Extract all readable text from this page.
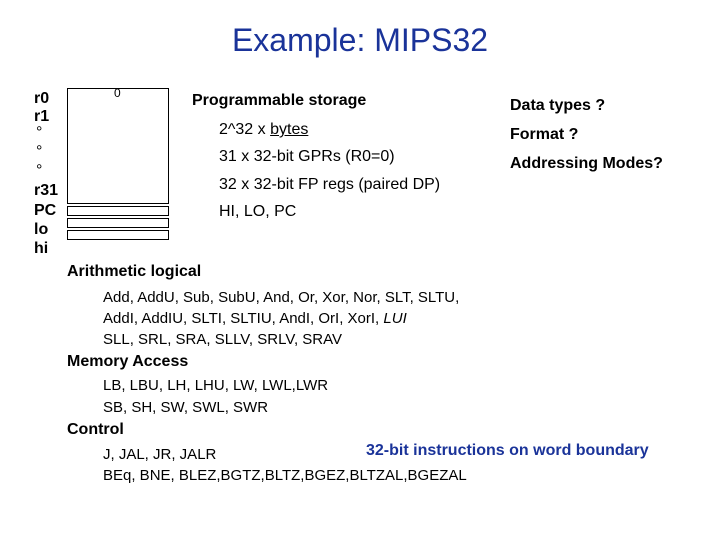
Example: MIPS32
r0
r1
°
°
°
r31
PC
lo
hi
0	Programmable storage
2^32 x bytes
31 x 32-bit GPRs (R0=0)
32 x 32-bit FP regs (paired DP)
HI, LO, PC
Data types ?
Format ?
Addressing Modes?
Arithmetic logical
Add, AddU, Sub, SubU, And, Or, Xor, Nor, SLT, SLTU,
AddI, AddIU, SLTI, SLTIU, AndI, OrI, XorI, LUI
SLL, SRL, SRA, SLLV, SRLV, SRAV
Memory Access
LB, LBU, LH, LHU, LW, LWL,LWR
SB, SH, SW, SWL, SWR
Control
J, JAL, JR, JALR
BEq, BNE, BLEZ,BGTZ,BLTZ,BGEZ,BLTZAL,BGEZAL
32-bit instructions on word boundary
